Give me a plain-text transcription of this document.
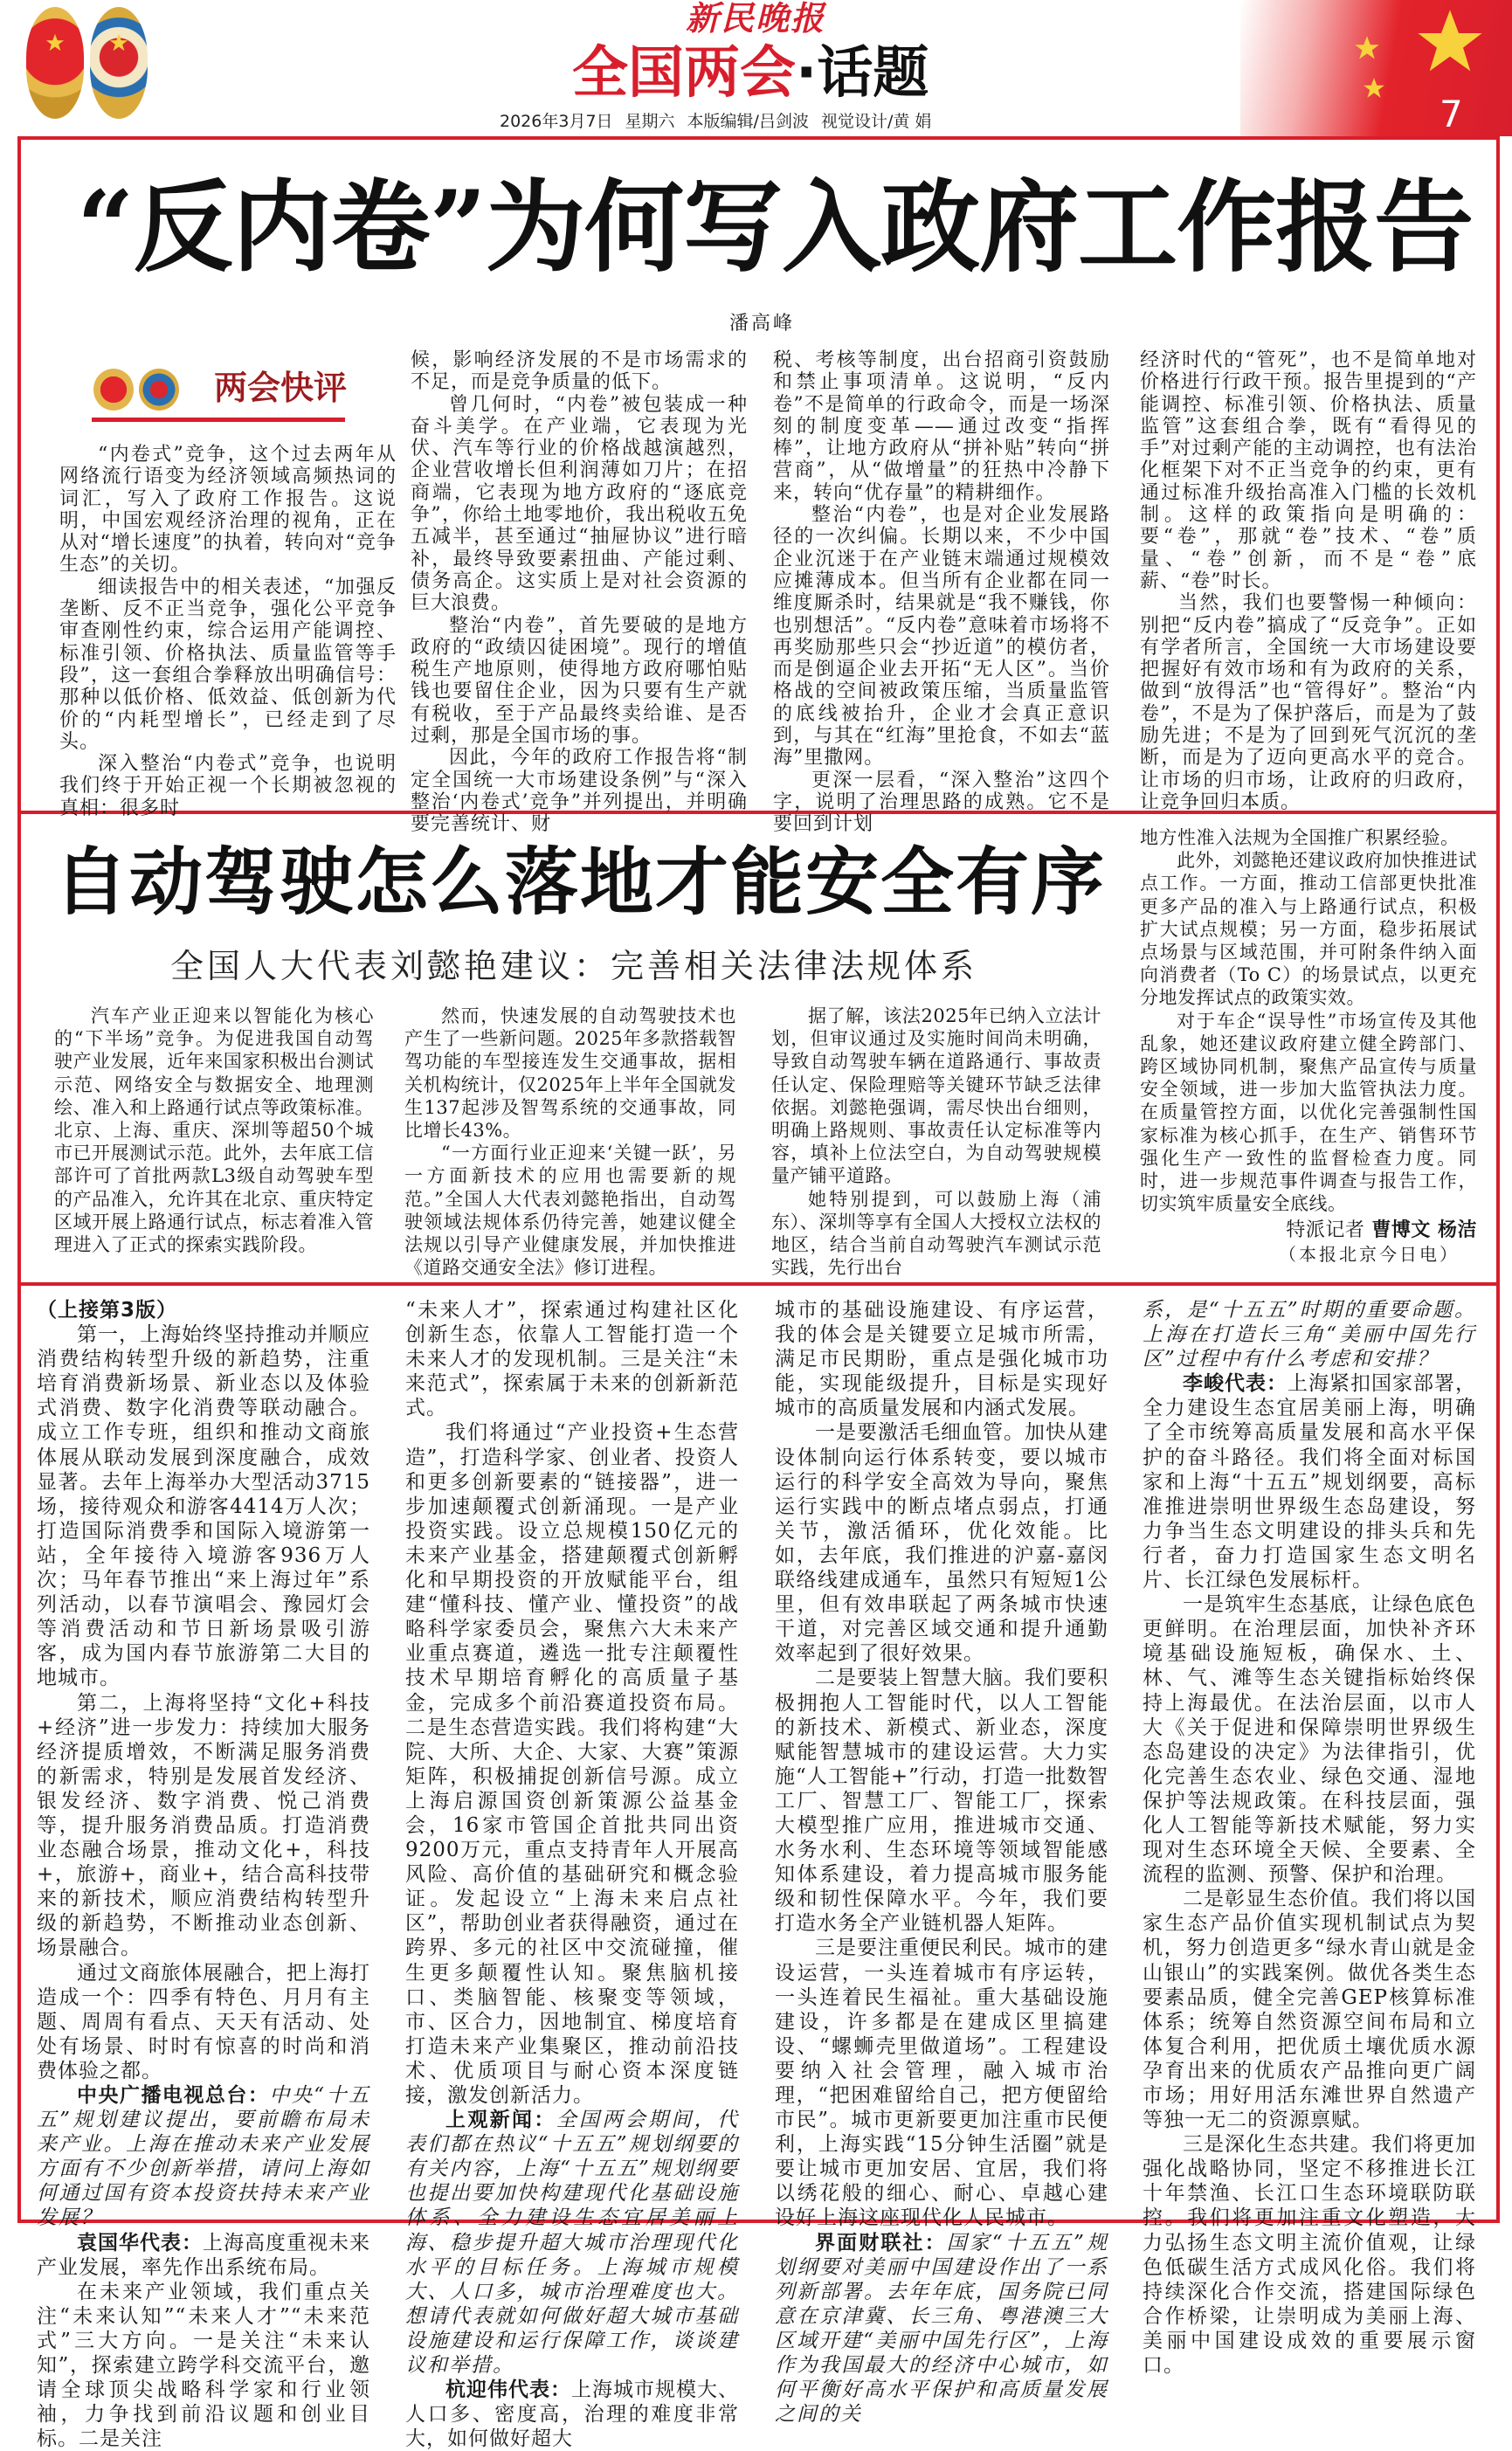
新民晚报
全国两会·话题
2026年3月7日 星期六 本版编辑/吕剑波 视觉设计/黄 娟	7
“反内卷”为何写入政府工作报告
潘高峰
两会快评

“内卷式”竞争，这个过去两年从网络流行语变为经济领域高频热词的词汇，写入了政府工作报告。这说明，中国宏观经济治理的视角，正在从对“增长速度”的执着，转向对“竞争生态”的关切。

细读报告中的相关表述，“加强反垄断、反不正当竞争，强化公平竞争审查刚性约束，综合运用产能调控、标准引领、价格执法、质量监管等手段”，这一套组合拳释放出明确信号：那种以低价格、低效益、低创新为代价的“内耗型增长”，已经走到了尽头。

深入整治“内卷式”竞争，也说明我们终于开始正视一个长期被忽视的真相：很多时

候，影响经济发展的不是市场需求的不足，而是竞争质量的低下。

曾几何时，“内卷”被包装成一种奋斗美学。在产业端，它表现为光伏、汽车等行业的价格战越演越烈，企业营收增长但利润薄如刀片；在招商端，它表现为地方政府的“逐底竞争”，你给土地零地价，我出税收五免五减半，甚至通过“抽屉协议”进行暗补，最终导致要素扭曲、产能过剩、债务高企。这实质上是对社会资源的巨大浪费。

整治“内卷”，首先要破的是地方政府的“政绩囚徒困境”。现行的增值税生产地原则，使得地方政府哪怕贴钱也要留住企业，因为只要有生产就有税收，至于产品最终卖给谁、是否过剩，那是全国市场的事。

因此，今年的政府工作报告将“制定全国统一大市场建设条例”与“深入整治‘内卷式’竞争”并列提出，并明确要完善统计、财

税、考核等制度，出台招商引资鼓励和禁止事项清单。这说明，“反内卷”不是简单的行政命令，而是一场深刻的制度变革——通过改变“指挥棒”，让地方政府从“拼补贴”转向“拼营商”，从“做增量”的狂热中冷静下来，转向“优存量”的精耕细作。

整治“内卷”，也是对企业发展路径的一次纠偏。长期以来，不少中国企业沉迷于在产业链末端通过规模效应摊薄成本。但当所有企业都在同一维度厮杀时，结果就是“我不赚钱，你也别想活”。“反内卷”意味着市场将不再奖励那些只会“抄近道”的模仿者，而是倒逼企业去开拓“无人区”。当价格战的空间被政策压缩，当质量监管的底线被抬升，企业才会真正意识到，与其在“红海”里抢食，不如去“蓝海”里撒网。

更深一层看，“深入整治”这四个字，说明了治理思路的成熟。它不是要回到计划

经济时代的“管死”，也不是简单地对价格进行行政干预。报告里提到的“产能调控、标准引领、价格执法、质量监管”这套组合拳，既有“看得见的手”对过剩产能的主动调控，也有法治化框架下对不正当竞争的约束，更有通过标准升级抬高准入门槛的长效机制。这样的政策指向是明确的：要“卷”，那就“卷”技术、“卷”质量、“卷”创新，而不是“卷”底薪、“卷”时长。

当然，我们也要警惕一种倾向：别把“反内卷”搞成了“反竞争”。正如有学者所言，全国统一大市场建设要把握好有效市场和有为政府的关系，做到“放得活”也“管得好”。整治“内卷”，不是为了保护落后，而是为了鼓励先进；不是为了回到死气沉沉的垄断，而是为了迈向更高水平的竞合。让市场的归市场，让政府的归政府，让竞争回归本质。

自动驾驶怎么落地才能安全有序
全国人大代表刘懿艳建议：完善相关法律法规体系

汽车产业正迎来以智能化为核心的“下半场”竞争。为促进我国自动驾驶产业发展，近年来国家积极出台测试示范、网络安全与数据安全、地理测绘、准入和上路通行试点等政策标准。北京、上海、重庆、深圳等超50个城市已开展测试示范。此外，去年底工信部许可了首批两款L3级自动驾驶车型的产品准入，允许其在北京、重庆特定区域开展上路通行试点，标志着准入管理进入了正式的探索实践阶段。

然而，快速发展的自动驾驶技术也产生了一些新问题。2025年多款搭载智驾功能的车型接连发生交通事故，据相关机构统计，仅2025年上半年全国就发生137起涉及智驾系统的交通事故，同比增长43%。

“一方面行业正迎来‘关键一跃’，另一方面新技术的应用也需要新的规范。”全国人大代表刘懿艳指出，自动驾驶领域法规体系仍待完善，她建议健全法规以引导产业健康发展，并加快推进《道路交通安全法》修订进程。

据了解，该法2025年已纳入立法计划，但审议通过及实施时间尚未明确，导致自动驾驶车辆在道路通行、事故责任认定、保险理赔等关键环节缺乏法律依据。刘懿艳强调，需尽快出台细则，明确上路规则、事故责任认定标准等内容，填补上位法空白，为自动驾驶规模量产铺平道路。

她特别提到，可以鼓励上海（浦东）、深圳等享有全国人大授权立法权的地区，结合当前自动驾驶汽车测试示范实践，先行出台

地方性准入法规为全国推广积累经验。

此外，刘懿艳还建议政府加快推进试点工作。一方面，推动工信部更快批准更多产品的准入与上路通行试点，积极扩大试点规模；另一方面，稳步拓展试点场景与区域范围，并可附条件纳入面向消费者（To C）的场景试点，以更充分地发挥试点的政策实效。

对于车企“误导性”市场宣传及其他乱象，她还建议政府建立健全跨部门、跨区域协同机制，聚焦产品宣传与质量安全领域，进一步加大监管执法力度。在质量管控方面，以优化完善强制性国家标准为核心抓手，在生产、销售环节强化生产一致性的监督检查力度。同时，进一步规范事件调查与报告工作，切实筑牢质量安全底线。

特派记者 曹博文 杨洁
（本报北京今日电）

（上接第3版）

第一，上海始终坚持推动并顺应消费结构转型升级的新趋势，注重培育消费新场景、新业态以及体验式消费、数字化消费等联动融合。成立工作专班，组织和推动文商旅体展从联动发展到深度融合，成效显著。去年上海举办大型活动3715场，接待观众和游客4414万人次；打造国际消费季和国际入境游第一站，全年接待入境游客936万人次；马年春节推出“来上海过年”系列活动，以春节演唱会、豫园灯会等消费活动和节日新场景吸引游客，成为国内春节旅游第二大目的地城市。

第二，上海将坚持“文化+科技+经济”进一步发力：持续加大服务经济提质增效，不断满足服务消费的新需求，特别是发展首发经济、银发经济、数字消费、悦己消费等，提升服务消费品质。打造消费业态融合场景，推动文化+，科技+，旅游+，商业+，结合高科技带来的新技术，顺应消费结构转型升级的新趋势，不断推动业态创新、场景融合。

通过文商旅体展融合，把上海打造成一个：四季有特色、月月有主题、周周有看点、天天有活动、处处有场景、时时有惊喜的时尚和消费体验之都。

中央广播电视总台：中央“十五五”规划建议提出，要前瞻布局未来产业。上海在推动未来产业发展方面有不少创新举措，请问上海如何通过国有资本投资扶持未来产业发展？

袁国华代表：上海高度重视未来产业发展，率先作出系统布局。

在未来产业领域，我们重点关注“未来认知”“未来人才”“未来范式”三大方向。一是关注“未来认知”，探索建立跨学科交流平台，邀请全球顶尖战略科学家和行业领袖，力争找到前沿议题和创业目标。二是关注

“未来人才”，探索通过构建社区化创新生态，依靠人工智能打造一个未来人才的发现机制。三是关注“未来范式”，探索属于未来的创新新范式。

我们将通过“产业投资+生态营造”，打造科学家、创业者、投资人和更多创新要素的“链接器”，进一步加速颠覆式创新涌现。一是产业投资实践。设立总规模150亿元的未来产业基金，搭建颠覆式创新孵化和早期投资的开放赋能平台，组建“懂科技、懂产业、懂投资”的战略科学家委员会，聚焦六大未来产业重点赛道，遴选一批专注颠覆性技术早期培育孵化的高质量子基金，完成多个前沿赛道投资布局。二是生态营造实践。我们将构建“大院、大所、大企、大家、大赛”策源矩阵，积极捕捉创新信号源。成立上海启源国资创新策源公益基金会，16家市管国企首批共同出资9200万元，重点支持青年人开展高风险、高价值的基础研究和概念验证。发起设立“上海未来启点社区”，帮助创业者获得融资，通过在跨界、多元的社区中交流碰撞，催生更多颠覆性认知。聚焦脑机接口、类脑智能、核聚变等领域，市、区合力，因地制宜、梯度培育打造未来产业集聚区，推动前沿技术、优质项目与耐心资本深度链接，激发创新活力。

上观新闻：全国两会期间，代表们都在热议“十五五”规划纲要的有关内容，上海“十五五”规划纲要也提出要加快构建现代化基础设施体系、全力建设生态宜居美丽上海、稳步提升超大城市治理现代化水平的目标任务。上海城市规模大、人口多，城市治理难度也大。想请代表就如何做好超大城市基础设施建设和运行保障工作，谈谈建议和举措。

杭迎伟代表：上海城市规模大、人口多、密度高，治理的难度非常大，如何做好超大

城市的基础设施建设、有序运营，我的体会是关键要立足城市所需，满足市民期盼，重点是强化城市功能，实现能级提升，目标是实现好城市的高质量发展和内涵式发展。

一是要激活毛细血管。加快从建设体制向运行体系转变，要以城市运行的科学安全高效为导向，聚焦运行实践中的断点堵点弱点，打通关节，激活循环，优化效能。比如，去年底，我们推进的沪嘉-嘉闵联络线建成通车，虽然只有短短1公里，但有效串联起了两条城市快速干道，对完善区域交通和提升通勤效率起到了很好效果。

二是要装上智慧大脑。我们要积极拥抱人工智能时代，以人工智能的新技术、新模式、新业态，深度赋能智慧城市的建设运营。大力实施“人工智能+”行动，打造一批数智工厂、智慧工厂、智能工厂，探索大模型推广应用，推进城市交通、水务水利、生态环境等领域智能感知体系建设，着力提高城市服务能级和韧性保障水平。今年，我们要打造水务全产业链机器人矩阵。

三是要注重便民利民。城市的建设运营，一头连着城市有序运转，一头连着民生福祉。重大基础设施建设，许多都是在建成区里搞建设、“螺蛳壳里做道场”。工程建设要纳入社会管理，融入城市治理，“把困难留给自己，把方便留给市民”。城市更新要更加注重市民便利，上海实践“15分钟生活圈”就是要让城市更加安居、宜居，我们将以绣花般的细心、耐心、卓越心建设好上海这座现代化人民城市。

界面财联社：国家“十五五”规划纲要对美丽中国建设作出了一系列新部署。去年年底，国务院已同意在京津冀、长三角、粤港澳三大区域开建“美丽中国先行区”，上海作为我国最大的经济中心城市，如何平衡好高水平保护和高质量发展之间的关

系，是“十五五”时期的重要命题。上海在打造长三角“美丽中国先行区”过程中有什么考虑和安排？

李峻代表：上海紧扣国家部署，全力建设生态宜居美丽上海，明确了全市统筹高质量发展和高水平保护的奋斗路径。我们将全面对标国家和上海“十五五”规划纲要，高标准推进崇明世界级生态岛建设，努力争当生态文明建设的排头兵和先行者，奋力打造国家生态文明名片、长江绿色发展标杆。

一是筑牢生态基底，让绿色底色更鲜明。在治理层面，加快补齐环境基础设施短板，确保水、土、林、气、滩等生态关键指标始终保持上海最优。在法治层面，以市人大《关于促进和保障崇明世界级生态岛建设的决定》为法律指引，优化完善生态农业、绿色交通、湿地保护等法规政策。在科技层面，强化人工智能等新技术赋能，努力实现对生态环境全天候、全要素、全流程的监测、预警、保护和治理。

二是彰显生态价值。我们将以国家生态产品价值实现机制试点为契机，努力创造更多“绿水青山就是金山银山”的实践案例。做优各类生态要素品质，健全完善GEP核算标准体系；统筹自然资源空间布局和立体复合利用，把优质土壤优质水源孕育出来的优质农产品推向更广阔市场；用好用活东滩世界自然遗产等独一无二的资源禀赋。

三是深化生态共建。我们将更加强化战略协同，坚定不移推进长江十年禁渔、长江口生态环境联防联控。我们将更加注重文化塑造，大力弘扬生态文明主流价值观，让绿色低碳生活方式成风化俗。我们将持续深化合作交流，搭建国际绿色合作桥梁，让崇明成为美丽上海、美丽中国建设成效的重要展示窗口。
